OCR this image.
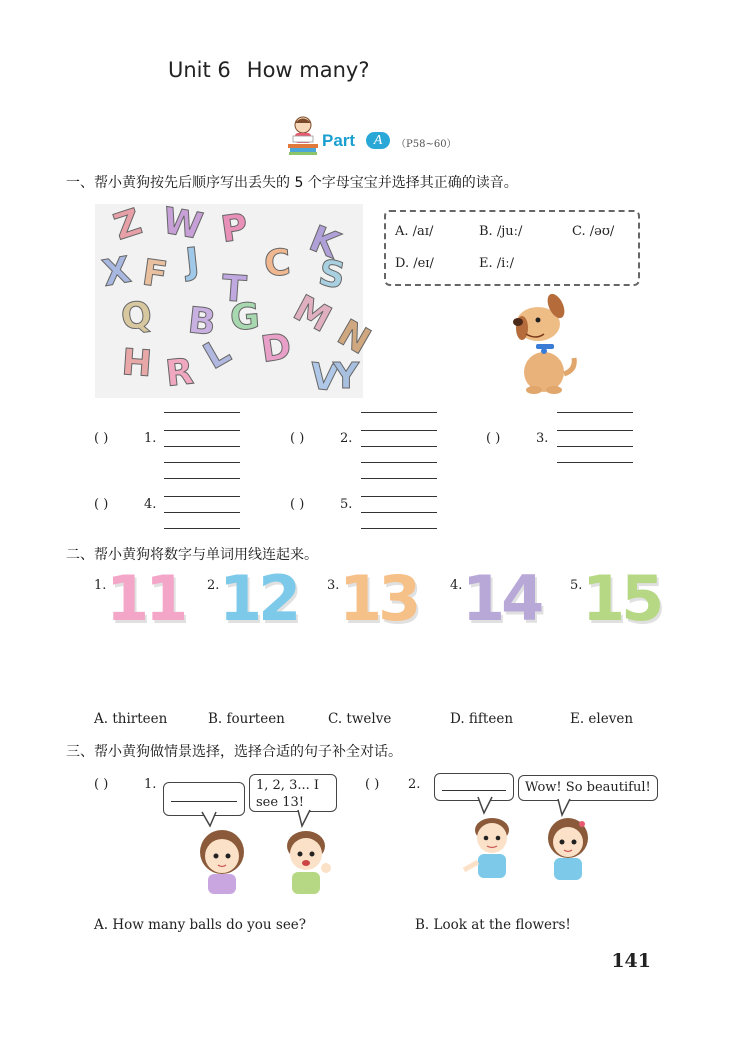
Unit 6 How many?
Part	A	（P58~60）
一、帮小黄狗按先后顺序写出丢失的 5 个字母宝宝并选择其正确的读音。
Z W P K
X F J
T
C S
Q B G M
N
H R L D
V
Y
A. /aɪ/	B. /juː/	C. /əʊ/
D. /eɪ/	E. /iː/
( )	1.	( )	2.	( )	3.
( )	4.	( )	5.
二、帮小黄狗将数字与单词用线连起来。
1. 11 2. 12 3. 13	4. 14 5. 15
A. thirteen	B. fourteen	C. twelve	D. fifteen	E. eleven
三、帮小黄狗做情景选择，选择合适的句子补全对话。
( )	1.	1, 2, 3... I see 13!
( ) 2.	Wow! So beautiful!
A. How many balls do you see?	B. Look at the flowers!
141
